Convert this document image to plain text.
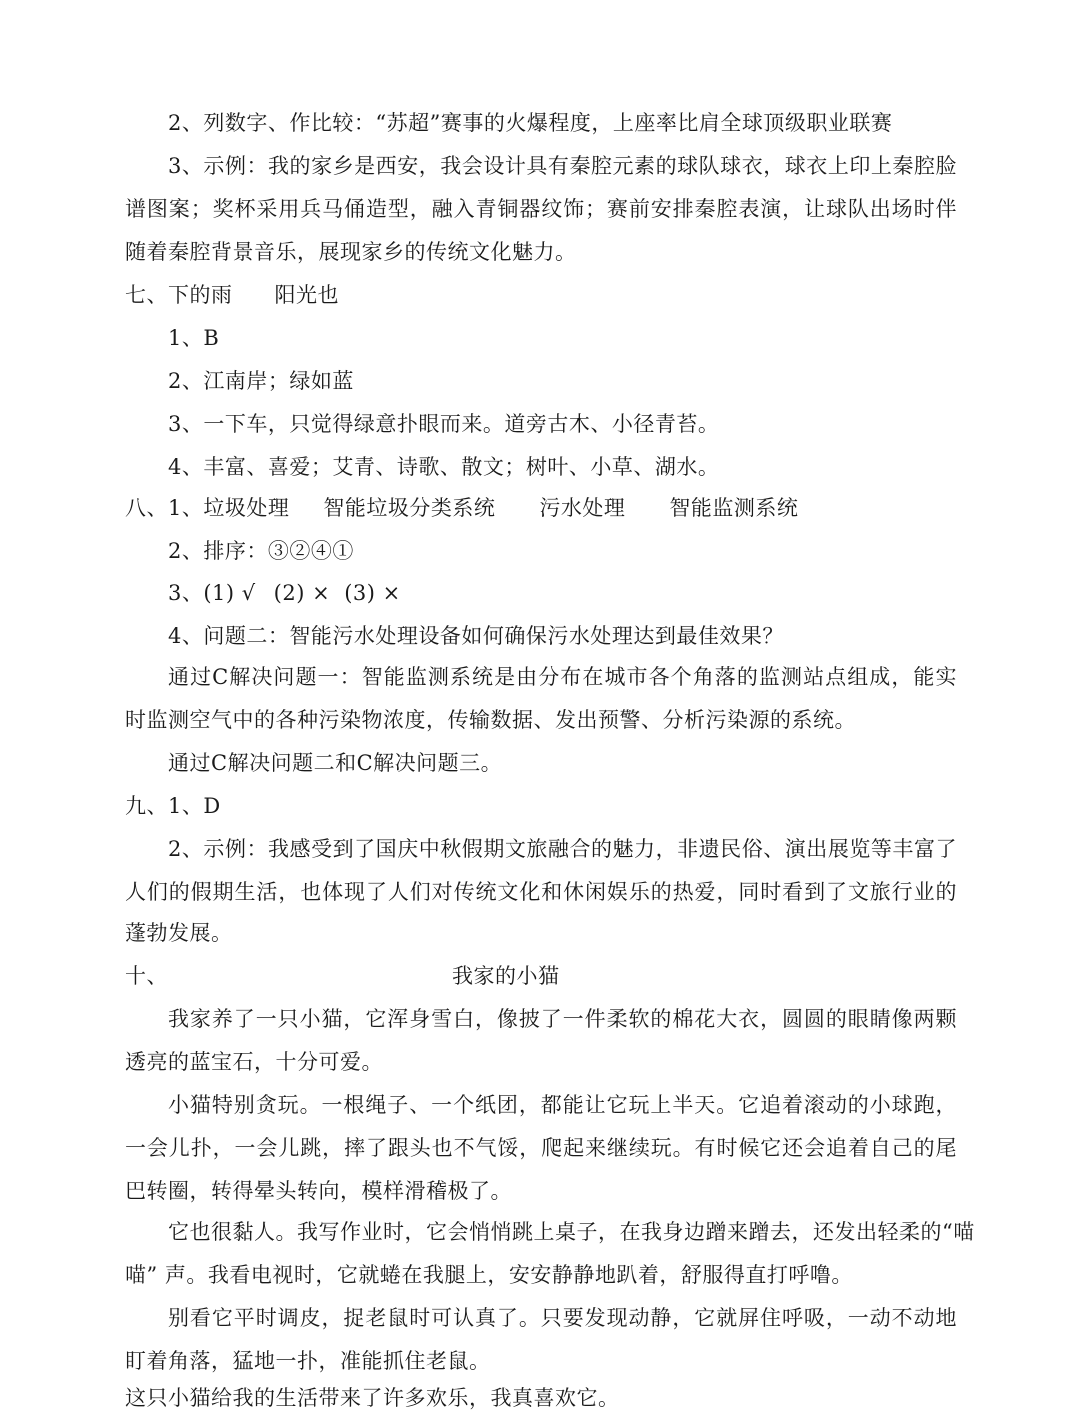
2、列数字、作比较：“苏超”赛事的火爆程度，上座率比肩全球顶级职业联赛
3、示例：我的家乡是西安，我会设计具有秦腔元素的球队球衣，球衣上印上秦腔脸
谱图案；奖杯采用兵马俑造型，融入青铜器纹饰；赛前安排秦腔表演，让球队出场时伴
随着秦腔背景音乐，展现家乡的传统文化魅力。
七、下的雨 阳光也
1、B
2、江南岸；绿如蓝
3、一下车，只觉得绿意扑眼而来。道旁古木、小径青苔。
4、丰富、喜爱；艾青、诗歌、散文；树叶、小草、湖水。
八、1、垃圾处理 智能垃圾分类系统 污水处理 智能监测系统
2、排序：③②④①
3、(1) √ (2) × (3) ×
4、问题二：智能污水处理设备如何确保污水处理达到最佳效果？
通过C解决问题一：智能监测系统是由分布在城市各个角落的监测站点组成，能实
时监测空气中的各种污染物浓度，传输数据、发出预警、分析污染源的系统。
通过C解决问题二和C解决问题三。
九、1、D
2、示例：我感受到了国庆中秋假期文旅融合的魅力，非遗民俗、演出展览等丰富了
人们的假期生活，也体现了人们对传统文化和休闲娱乐的热爱，同时看到了文旅行业的
蓬勃发展。
十、	我家的小猫
我家养了一只小猫，它浑身雪白，像披了一件柔软的棉花大衣，圆圆的眼睛像两颗
透亮的蓝宝石，十分可爱。
小猫特别贪玩。一根绳子、一个纸团，都能让它玩上半天。它追着滚动的小球跑，
一会儿扑，一会儿跳，摔了跟头也不气馁，爬起来继续玩。有时候它还会追着自己的尾
巴转圈，转得晕头转向，模样滑稽极了。
它也很黏人。我写作业时，它会悄悄跳上桌子，在我身边蹭来蹭去，还发出轻柔的“喵
喵” 声。我看电视时，它就蜷在我腿上，安安静静地趴着，舒服得直打呼噜。
别看它平时调皮，捉老鼠时可认真了。只要发现动静，它就屏住呼吸，一动不动地
盯着角落，猛地一扑，准能抓住老鼠。
这只小猫给我的生活带来了许多欢乐，我真喜欢它。
